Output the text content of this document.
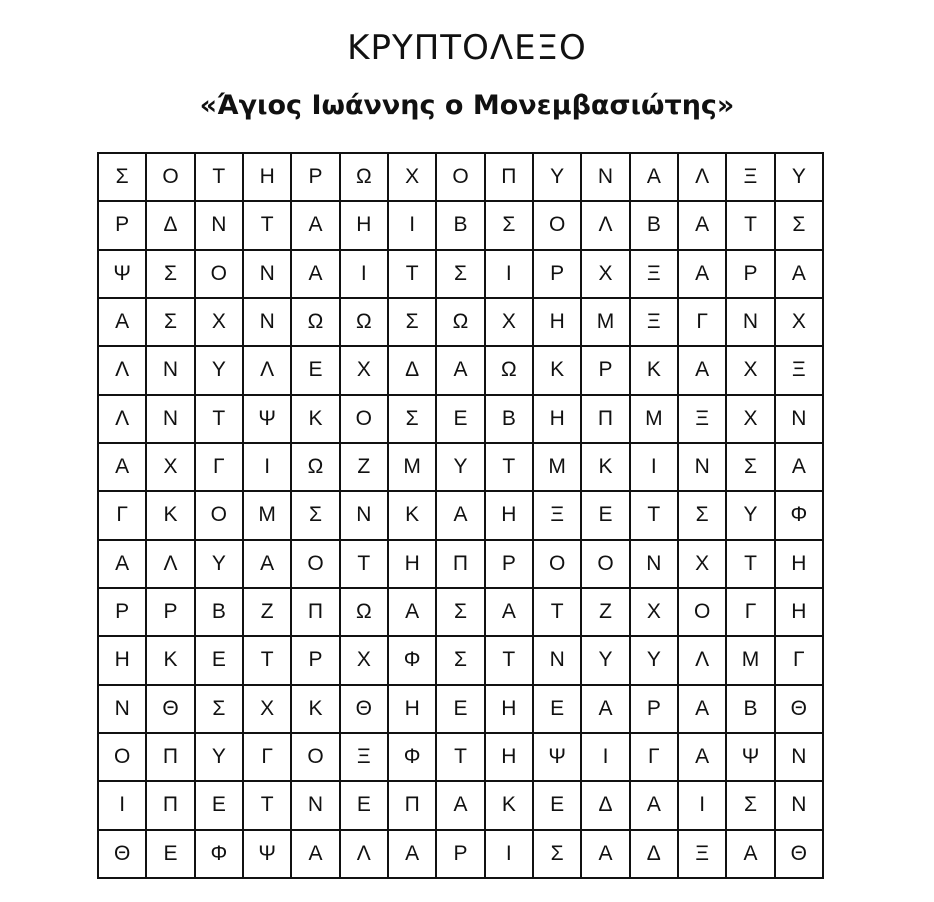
ΚΡΥΠΤΟΛΕΞΟ
«Άγιος Ιωάννης ο Μονεμβασιώτης»
Σ	Ο	Τ	Η	Ρ	Ω	Χ	Ο	Π	Υ	Ν	Α	Λ	Ξ	Υ
Ρ	Δ	Ν	Τ	Α	Η	Ι	Β	Σ	Ο	Λ	Β	Α	Τ	Σ
Ψ	Σ	Ο	Ν	Α	Ι	Τ	Σ	Ι	Ρ	Χ	Ξ	Α	Ρ	Α
Α	Σ	Χ	Ν	Ω	Ω	Σ	Ω	Χ	Η	Μ	Ξ	Γ	Ν	Χ
Λ	Ν	Υ	Λ	Ε	Χ	Δ	Α	Ω	Κ	Ρ	Κ	Α	Χ	Ξ
Λ	Ν	Τ	Ψ	Κ	Ο	Σ	Ε	Β	Η	Π	Μ	Ξ	Χ	Ν
Α	Χ	Γ	Ι	Ω	Ζ	Μ	Υ	Τ	Μ	Κ	Ι	Ν	Σ	Α
Γ	Κ	Ο	Μ	Σ	Ν	Κ	Α	Η	Ξ	Ε	Τ	Σ	Υ	Φ
Α	Λ	Υ	Α	Ο	Τ	Η	Π	Ρ	Ο	Ο	Ν	Χ	Τ	Η
Ρ	Ρ	Β	Ζ	Π	Ω	Α	Σ	Α	Τ	Ζ	Χ	Ο	Γ	Η
Η	Κ	Ε	Τ	Ρ	Χ	Φ	Σ	Τ	Ν	Υ	Υ	Λ	Μ	Γ
Ν	Θ	Σ	Χ	Κ	Θ	Η	Ε	Η	Ε	Α	Ρ	Α	Β	Θ
Ο	Π	Υ	Γ	Ο	Ξ	Φ	Τ	Η	Ψ	Ι	Γ	Α	Ψ	Ν
Ι	Π	Ε	Τ	Ν	Ε	Π	Α	Κ	Ε	Δ	Α	Ι	Σ	Ν
Θ	Ε	Φ	Ψ	Α	Λ	Α	Ρ	Ι	Σ	Α	Δ	Ξ	Α	Θ
